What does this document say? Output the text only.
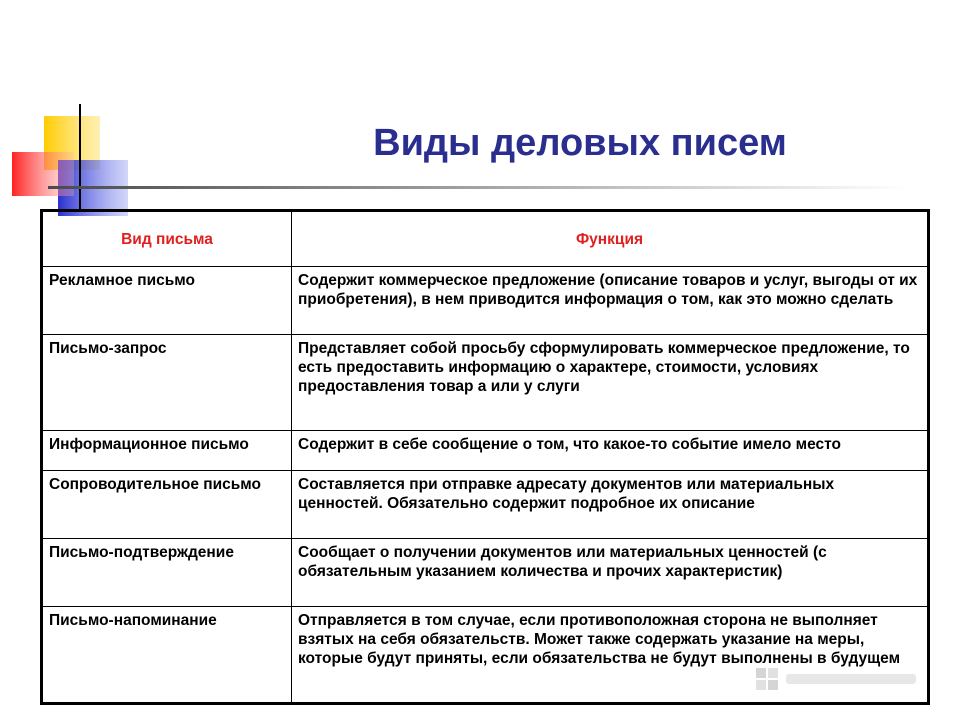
Виды деловых писем
Вид письма	Функция
Рекламное письмо	Содержит коммерческое предложение (описание товаров и услуг, выгоды от их приобретения), в нем приводится информация о том, как это можно сделать
Письмо-запрос	Представляет собой просьбу сформулировать коммерческое предложение, то есть предоставить информацию о характере, стоимости, условиях предоставления товар а или у слуги
Информационное письмо	Содержит в себе сообщение о том, что какое-то событие имело место
Сопроводительное письмо	Составляется при отправке адресату документов или материальных ценностей. Обязательно содержит подробное их описание
Письмо-подтверждение	Сообщает о получении документов или материальных ценностей (с обязательным указанием количества и прочих характеристик)
Письмо-напоминание	Отправляется в том случае, если противоположная сторона не выполняет взятых на себя обязательств. Может также содержать указание на меры, которые будут приняты, если обязательства не будут выполнены в будущем
